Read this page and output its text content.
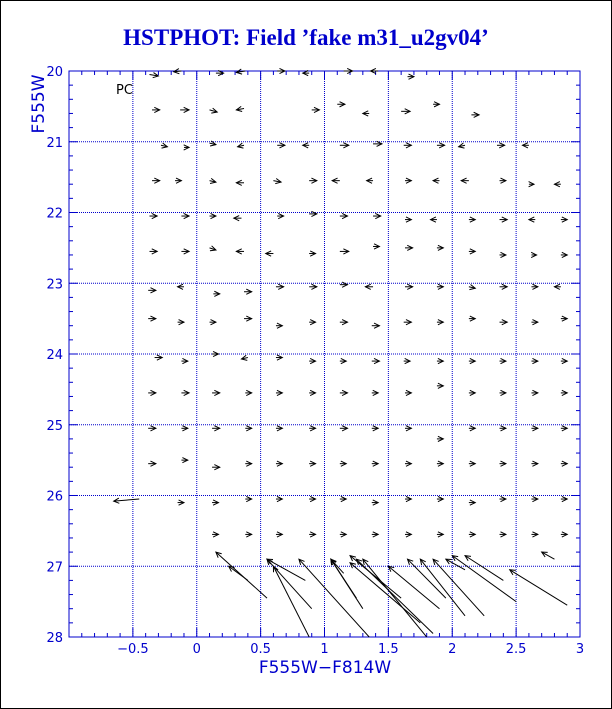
HSTPHOT: Field ’fake m31_u2gv04’
−0.5	0	0.5	1	1.5	2	2.5	3
20
21
22
23
24
25
26
27
28
F555W−F814W
F555W	PC
